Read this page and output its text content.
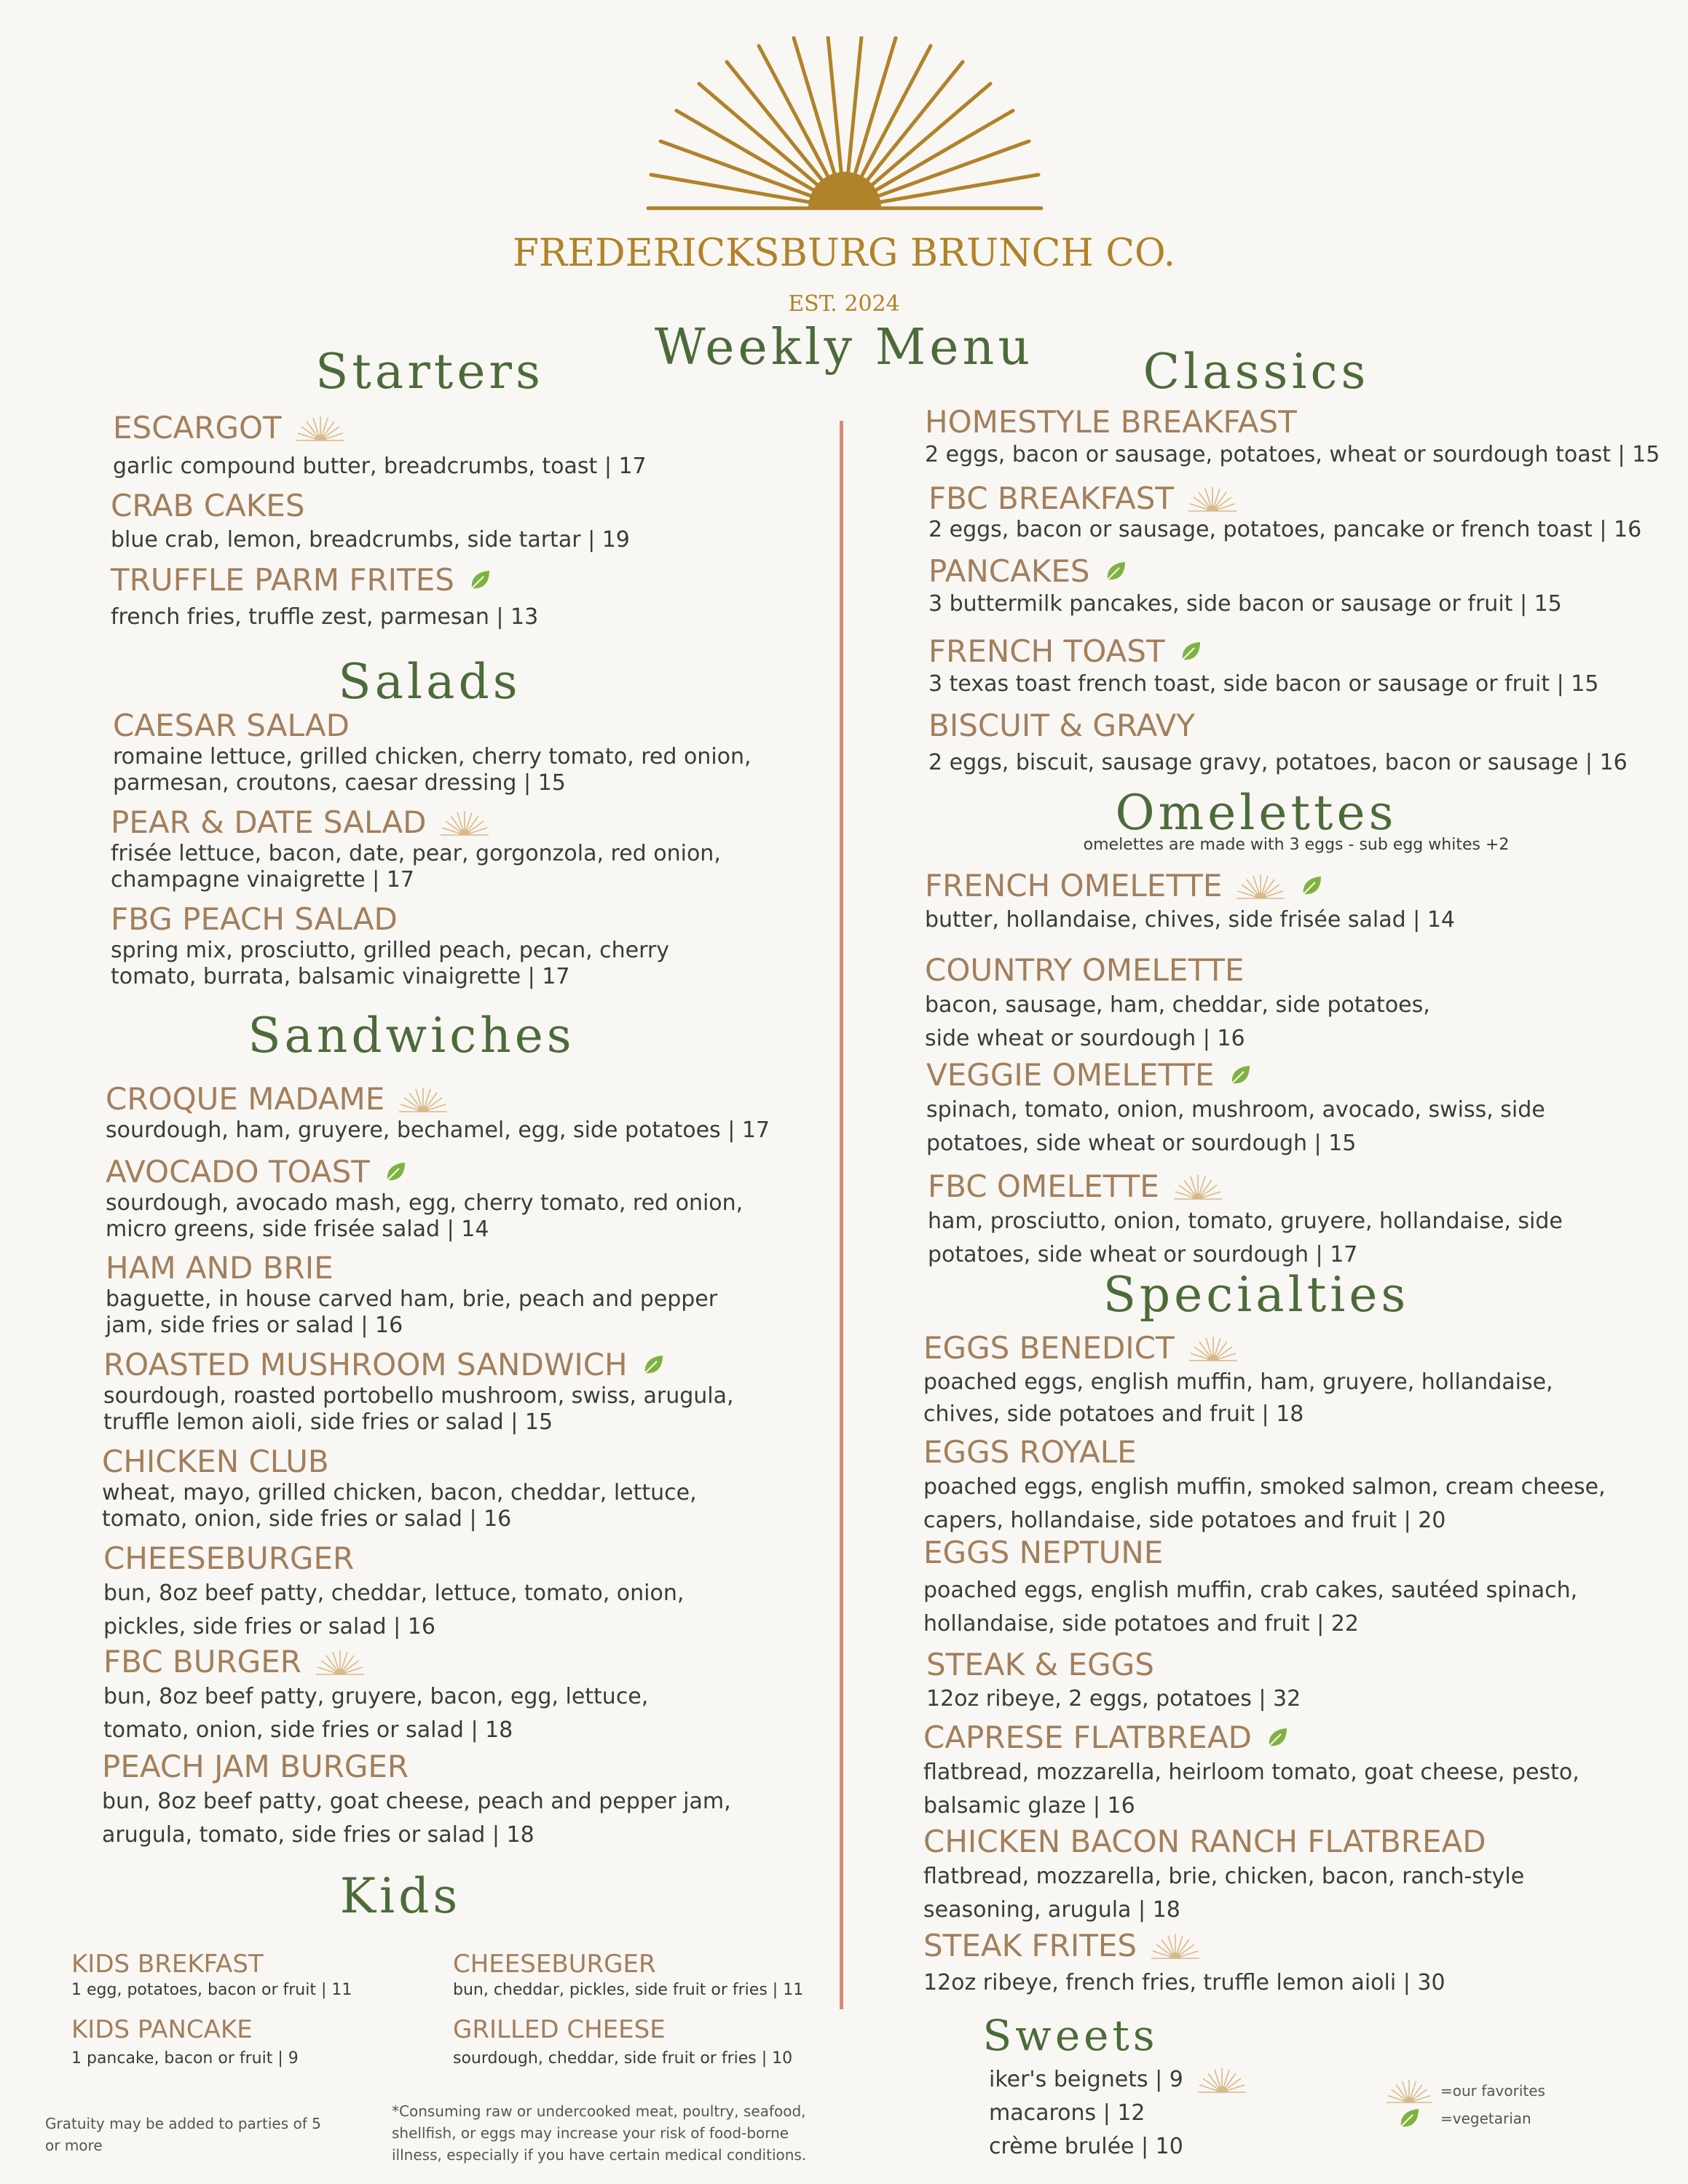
FREDERICKSBURG BRUNCH CO.
EST. 2024
Weekly Menu
Starters
ESCARGOT
garlic compound butter, breadcrumbs, toast | 17
CRAB CAKES
blue crab, lemon, breadcrumbs, side tartar | 19
TRUFFLE PARM FRITES
french fries, truffle zest, parmesan | 13
Salads
CAESAR SALAD
romaine lettuce, grilled chicken, cherry tomato, red onion, parmesan, croutons, caesar dressing | 15
PEAR & DATE SALAD
frisée lettuce, bacon, date, pear, gorgonzola, red onion, champagne vinaigrette | 17
FBG PEACH SALAD
spring mix, prosciutto, grilled peach, pecan, cherry tomato, burrata, balsamic vinaigrette | 17
Sandwiches
CROQUE MADAME
sourdough, ham, gruyere, bechamel, egg, side potatoes | 17
AVOCADO TOAST
sourdough, avocado mash, egg, cherry tomato, red onion, micro greens, side frisée salad | 14
HAM AND BRIE
baguette, in house carved ham, brie, peach and pepper jam, side fries or salad | 16
ROASTED MUSHROOM SANDWICH
sourdough, roasted portobello mushroom, swiss, arugula, truffle lemon aioli, side fries or salad | 15
CHICKEN CLUB
wheat, mayo, grilled chicken, bacon, cheddar, lettuce, tomato, onion, side fries or salad | 16
CHEESEBURGER
bun, 8oz beef patty, cheddar, lettuce, tomato, onion, pickles, side fries or salad | 16
FBC BURGER
bun, 8oz beef patty, gruyere, bacon, egg, lettuce, tomato, onion, side fries or salad | 18
PEACH JAM BURGER
bun, 8oz beef patty, goat cheese, peach and pepper jam, arugula, tomato, side fries or salad | 18
Kids
KIDS BREKFAST
1 egg, potatoes, bacon or fruit | 11
CHEESEBURGER
bun, cheddar, pickles, side fruit or fries | 11
KIDS PANCAKE
1 pancake, bacon or fruit | 9
GRILLED CHEESE
sourdough, cheddar, side fruit or fries | 10
Gratuity may be added to parties of 5 or more
*Consuming raw or undercooked meat, poultry, seafood, shellfish, or eggs may increase your risk of food-borne illness, especially if you have certain medical conditions.
Classics
HOMESTYLE BREAKFAST
2 eggs, bacon or sausage, potatoes, wheat or sourdough toast | 15
FBC BREAKFAST
2 eggs, bacon or sausage, potatoes, pancake or french toast | 16
PANCAKES
3 buttermilk pancakes, side bacon or sausage or fruit | 15
FRENCH TOAST
3 texas toast french toast, side bacon or sausage or fruit | 15
BISCUIT & GRAVY
2 eggs, biscuit, sausage gravy, potatoes, bacon or sausage | 16
Omelettes
omelettes are made with 3 eggs - sub egg whites +2
FRENCH OMELETTE
butter, hollandaise, chives, side frisée salad | 14
COUNTRY OMELETTE
bacon, sausage, ham, cheddar, side potatoes, side wheat or sourdough | 16
VEGGIE OMELETTE
spinach, tomato, onion, mushroom, avocado, swiss, side potatoes, side wheat or sourdough | 15
FBC OMELETTE
ham, prosciutto, onion, tomato, gruyere, hollandaise, side potatoes, side wheat or sourdough | 17
Specialties
EGGS BENEDICT
poached eggs, english muffin, ham, gruyere, hollandaise, chives, side potatoes and fruit | 18
EGGS ROYALE
poached eggs, english muffin, smoked salmon, cream cheese, capers, hollandaise, side potatoes and fruit | 20
EGGS NEPTUNE
poached eggs, english muffin, crab cakes, sautéed spinach, hollandaise, side potatoes and fruit | 22
STEAK & EGGS
12oz ribeye, 2 eggs, potatoes | 32
CAPRESE FLATBREAD
flatbread, mozzarella, heirloom tomato, goat cheese, pesto, balsamic glaze | 16
CHICKEN BACON RANCH FLATBREAD
flatbread, mozzarella, brie, chicken, bacon, ranch-style seasoning, arugula | 18
STEAK FRITES
12oz ribeye, french fries, truffle lemon aioli | 30
Sweets
iker's beignets | 9
macarons | 12
crème brulée | 10
=our favorites
=vegetarian
